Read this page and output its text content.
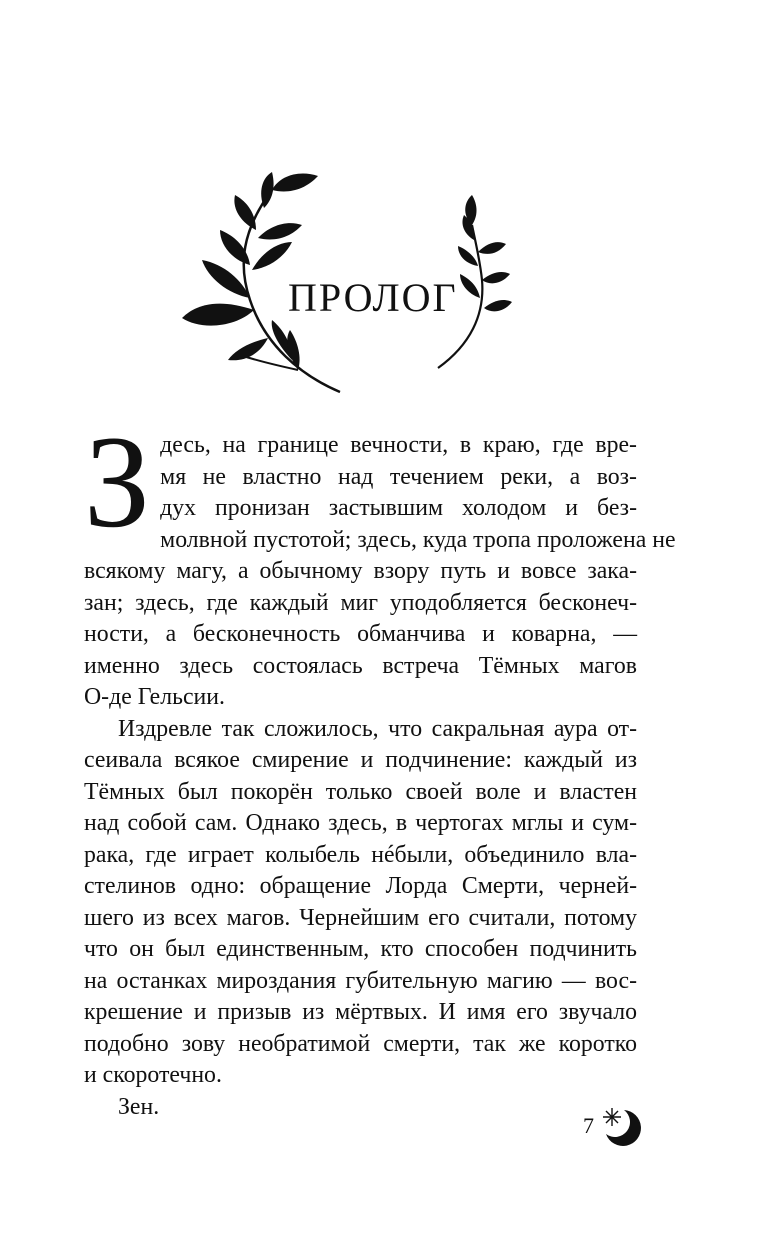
ПРОЛОГ
З десь, на границе вечности, в краю, где вре-
мя не властно над течением реки, а воз-
дух пронизан застывшим холодом и без-
молвной пустотой; здесь, куда тропа проложена не
всякому магу, а обычному взору путь и вовсе зака-
зан; здесь, где каждый миг уподобляется бесконеч-
ности, а бесконечность обманчива и коварна, —
именно здесь состоялась встреча Тёмных магов
О-де Гельсии.
Издревле так сложилось, что сакральная аура от-
сеивала всякое смирение и подчинение: каждый из
Тёмных был покорён только своей воле и властен
над собой сам. Однако здесь, в чертогах мглы и сум-
рака, где играет колыбель нéбыли, объединило вла-
стелинов одно: обращение Лорда Смерти, черней-
шего из всех магов. Чернейшим его считали, потому
что он был единственным, кто способен подчинить
на останках мироздания губительную магию — вос-
крешение и призыв из мёртвых. И имя его звучало
подобно зову необратимой смерти, так же коротко
и скоротечно.
Зен.
7
